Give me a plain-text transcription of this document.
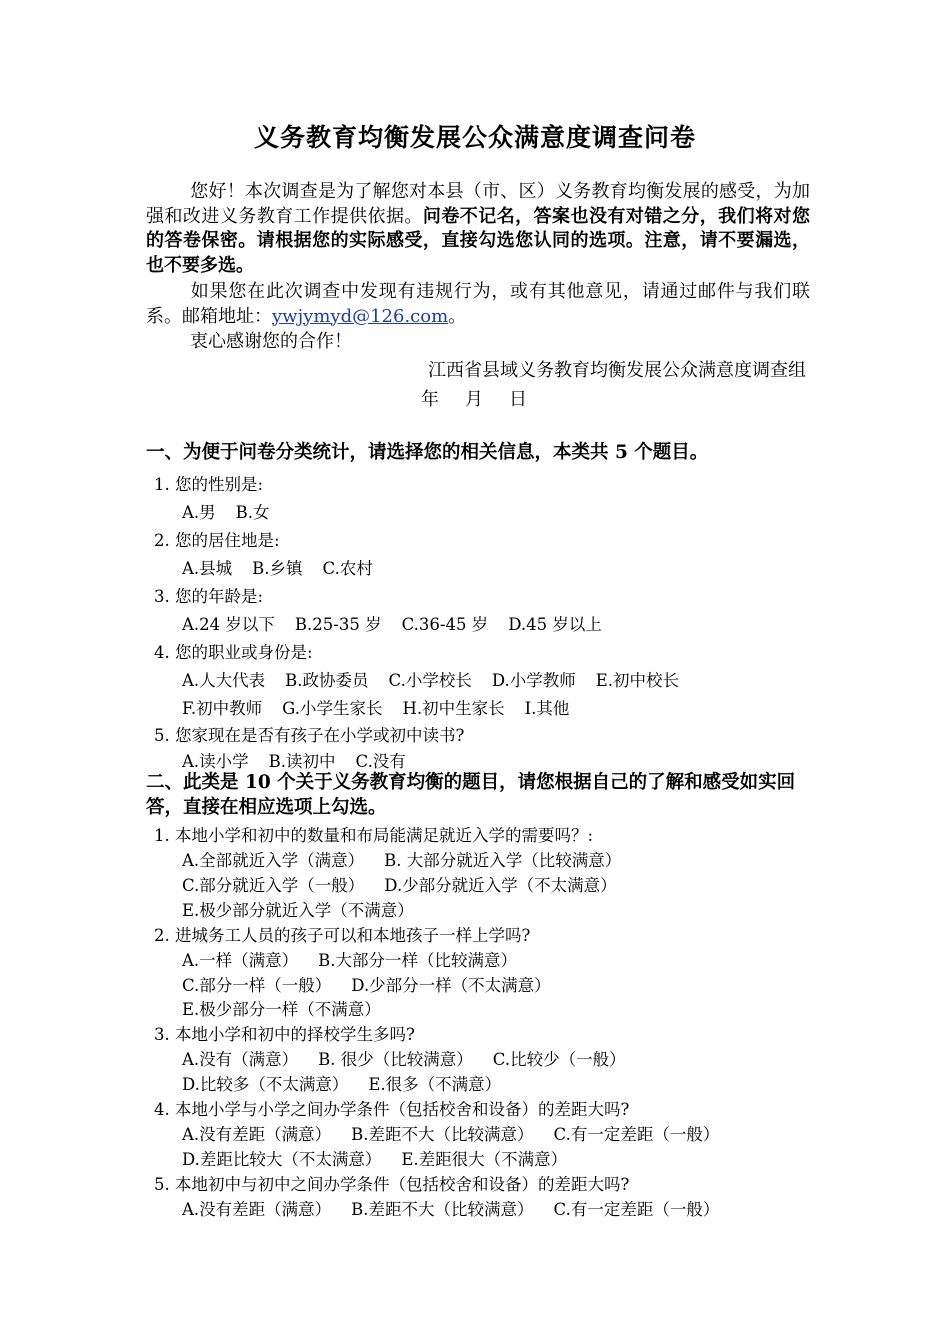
义务教育均衡发展公众满意度调查问卷
您好！本次调查是为了解您对本县（市、区）义务教育均衡发展的感受，为加强和改进义务教育工作提供依据。问卷不记名，答案也没有对错之分，我们将对您的答卷保密。请根据您的实际感受，直接勾选您认同的选项。注意，请不要漏选，也不要多选。
如果您在此次调查中发现有违规行为，或有其他意见，请通过邮件与我们联系。邮箱地址：ywjymyd@126.com。
衷心感谢您的合作！
江西省县域义务教育均衡发展公众满意度调查组
年 月 日
一、为便于问卷分类统计，请选择您的相关信息，本类共 5 个题目。
1. 您的性别是:
A.男 B.女
2. 您的居住地是:
A.县城 B.乡镇 C.农村
3. 您的年龄是:
A.24 岁以下 B.25-35 岁 C.36-45 岁 D.45 岁以上
4. 您的职业或身份是:
A.人大代表 B.政协委员 C.小学校长 D.小学教师 E.初中校长
F.初中教师 G.小学生家长 H.初中生家长 I.其他
5. 您家现在是否有孩子在小学或初中读书?
A.读小学 B.读初中 C.没有
二、此类是 10 个关于义务教育均衡的题目，请您根据自己的了解和感受如实回答，直接在相应选项上勾选。
1. 本地小学和初中的数量和布局能满足就近入学的需要吗？:
A.全部就近入学（满意） B. 大部分就近入学（比较满意）
C.部分就近入学（一般） D.少部分就近入学（不太满意）
E.极少部分就近入学（不满意）
2. 进城务工人员的孩子可以和本地孩子一样上学吗?
A.一样（满意） B.大部分一样（比较满意）
C.部分一样（一般） D.少部分一样（不太满意）
E.极少部分一样（不满意）
3. 本地小学和初中的择校学生多吗?
A.没有（满意） B. 很少（比较满意） C.比较少（一般）
D.比较多（不太满意） E.很多（不满意）
4. 本地小学与小学之间办学条件（包括校舍和设备）的差距大吗?
A.没有差距（满意） B.差距不大（比较满意） C.有一定差距（一般）
D.差距比较大（不太满意） E.差距很大（不满意）
5. 本地初中与初中之间办学条件（包括校舍和设备）的差距大吗?
A.没有差距（满意） B.差距不大（比较满意） C.有一定差距（一般）
